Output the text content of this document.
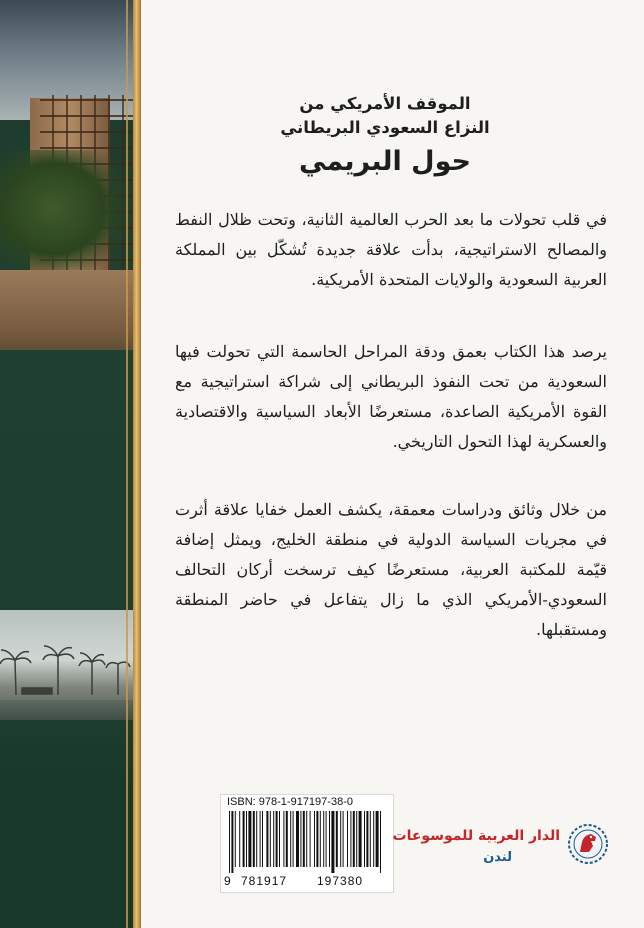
الموقف الأمريكي من

النزاع السعودي البريطاني

حول البريمي

في قلب تحولات ما بعد الحرب العالمية الثانية، وتحت ظلال النفط والمصالح الاستراتيجية، بدأت علاقة جديدة تُشكّل بين المملكة العربية السعودية والولايات المتحدة الأمريكية.

يرصد هذا الكتاب بعمق ودقة المراحل الحاسمة التي تحولت فيها السعودية من تحت النفوذ البريطاني إلى شراكة استراتيجية مع القوة الأمريكية الصاعدة، مستعرضًا الأبعاد السياسية والاقتصادية والعسكرية لهذا التحول التاريخي.

من خلال وثائق ودراسات معمقة، يكشف العمل خفايا علاقة أثرت في مجريات السياسة الدولية في منطقة الخليج، ويمثل إضافة قيّمة للمكتبة العربية، مستعرضًا كيف ترسخت أركان التحالف السعودي-الأمريكي الذي ما زال يتفاعل في حاضر المنطقة ومستقبلها.

ISBN: 978-1-917197-38-0
9 781917 197380
الدار العربية للموسوعات
لندن
